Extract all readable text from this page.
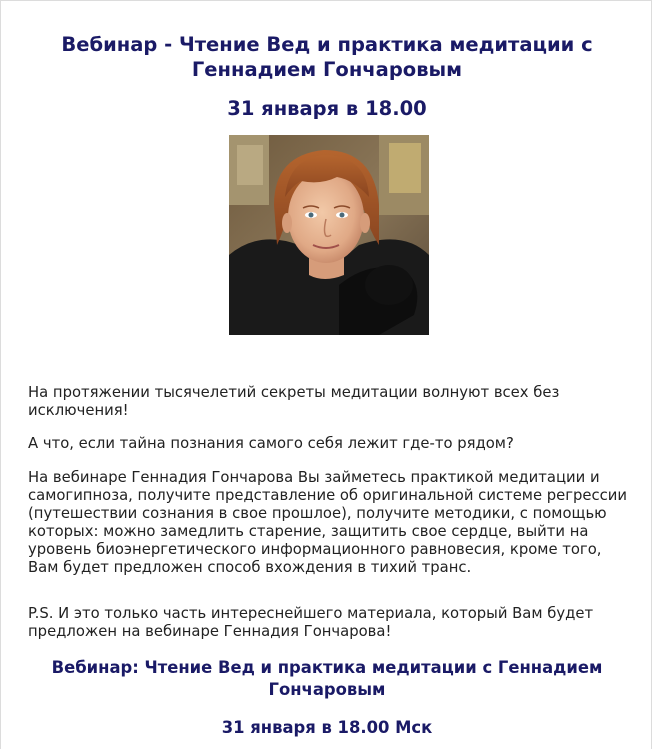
Вебинар - Чтение Вед и практика медитации с Геннадием Гончаровым
31 января в 18.00

На протяжении тысячелетий секреты медитации волнуют всех без исключения!

А что, если тайна познания самого себя лежит где-то рядом?

На вебинаре Геннадия Гончарова Вы займетесь практикой медитации и самогипноза, получите представление об оригинальной системе регрессии (путешествии сознания в свое прошлое), получите методики, с помощью которых: можно замедлить старение, защитить свое сердце, выйти на уровень биоэнергетического информационного равновесия, кроме того, Вам будет предложен способ вхождения в тихий транс.

P.S. И это только часть интереснейшего материала, который Вам будет предложен на вебинаре Геннадия Гончарова!

Вебинар: Чтение Вед и практика медитации с Геннадием Гончаровым
31 января в 18.00 Мск
